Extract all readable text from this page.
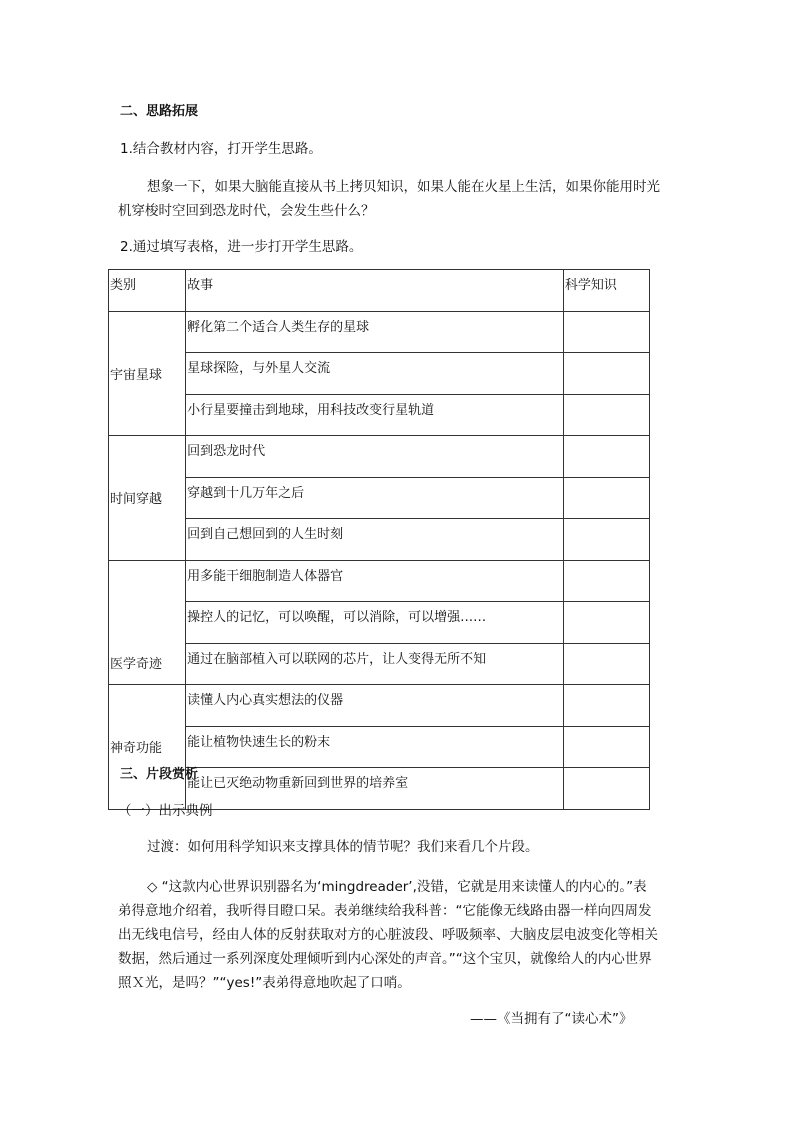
二、思路拓展
1.结合教材内容，打开学生思路。
想象一下，如果大脑能直接从书上拷贝知识，如果人能在火星上生活，如果你能用时光
机穿梭时空回到恐龙时代，会发生些什么？
2.通过填写表格，进一步打开学生思路。
类别	故事	科学知识
宇宙星球	孵化第二个适合人类生存的星球	
	星球探险，与外星人交流	
	小行星要撞击到地球，用科技改变行星轨道	
时间穿越	回到恐龙时代	
	穿越到十几万年之后	
	回到自己想回到的人生时刻	
医学奇迹	用多能干细胞制造人体器官	
	操控人的记忆，可以唤醒，可以消除，可以增强……	
	通过在脑部植入可以联网的芯片，让人变得无所不知	
神奇功能	读懂人内心真实想法的仪器	
	能让植物快速生长的粉末	
	能让已灭绝动物重新回到世界的培养室	
三、片段赏析
（一）出示典例
过渡：如何用科学知识来支撑具体的情节呢？我们来看几个片段。
◇ “这款内心世界识别器名为‘mingdreader’,没错，它就是用来读懂人的内心的。”表
弟得意地介绍着，我听得目瞪口呆。表弟继续给我科普：“它能像无线路由器一样向四周发
出无线电信号，经由人体的反射获取对方的心脏波段、呼吸频率、大脑皮层电波变化等相关
数据，然后通过一系列深度处理倾听到内心深处的声音。”“这个宝贝，就像给人的内心世界
照Ｘ光，是吗？”“yes!”表弟得意地吹起了口哨。
——《当拥有了“读心术”》
